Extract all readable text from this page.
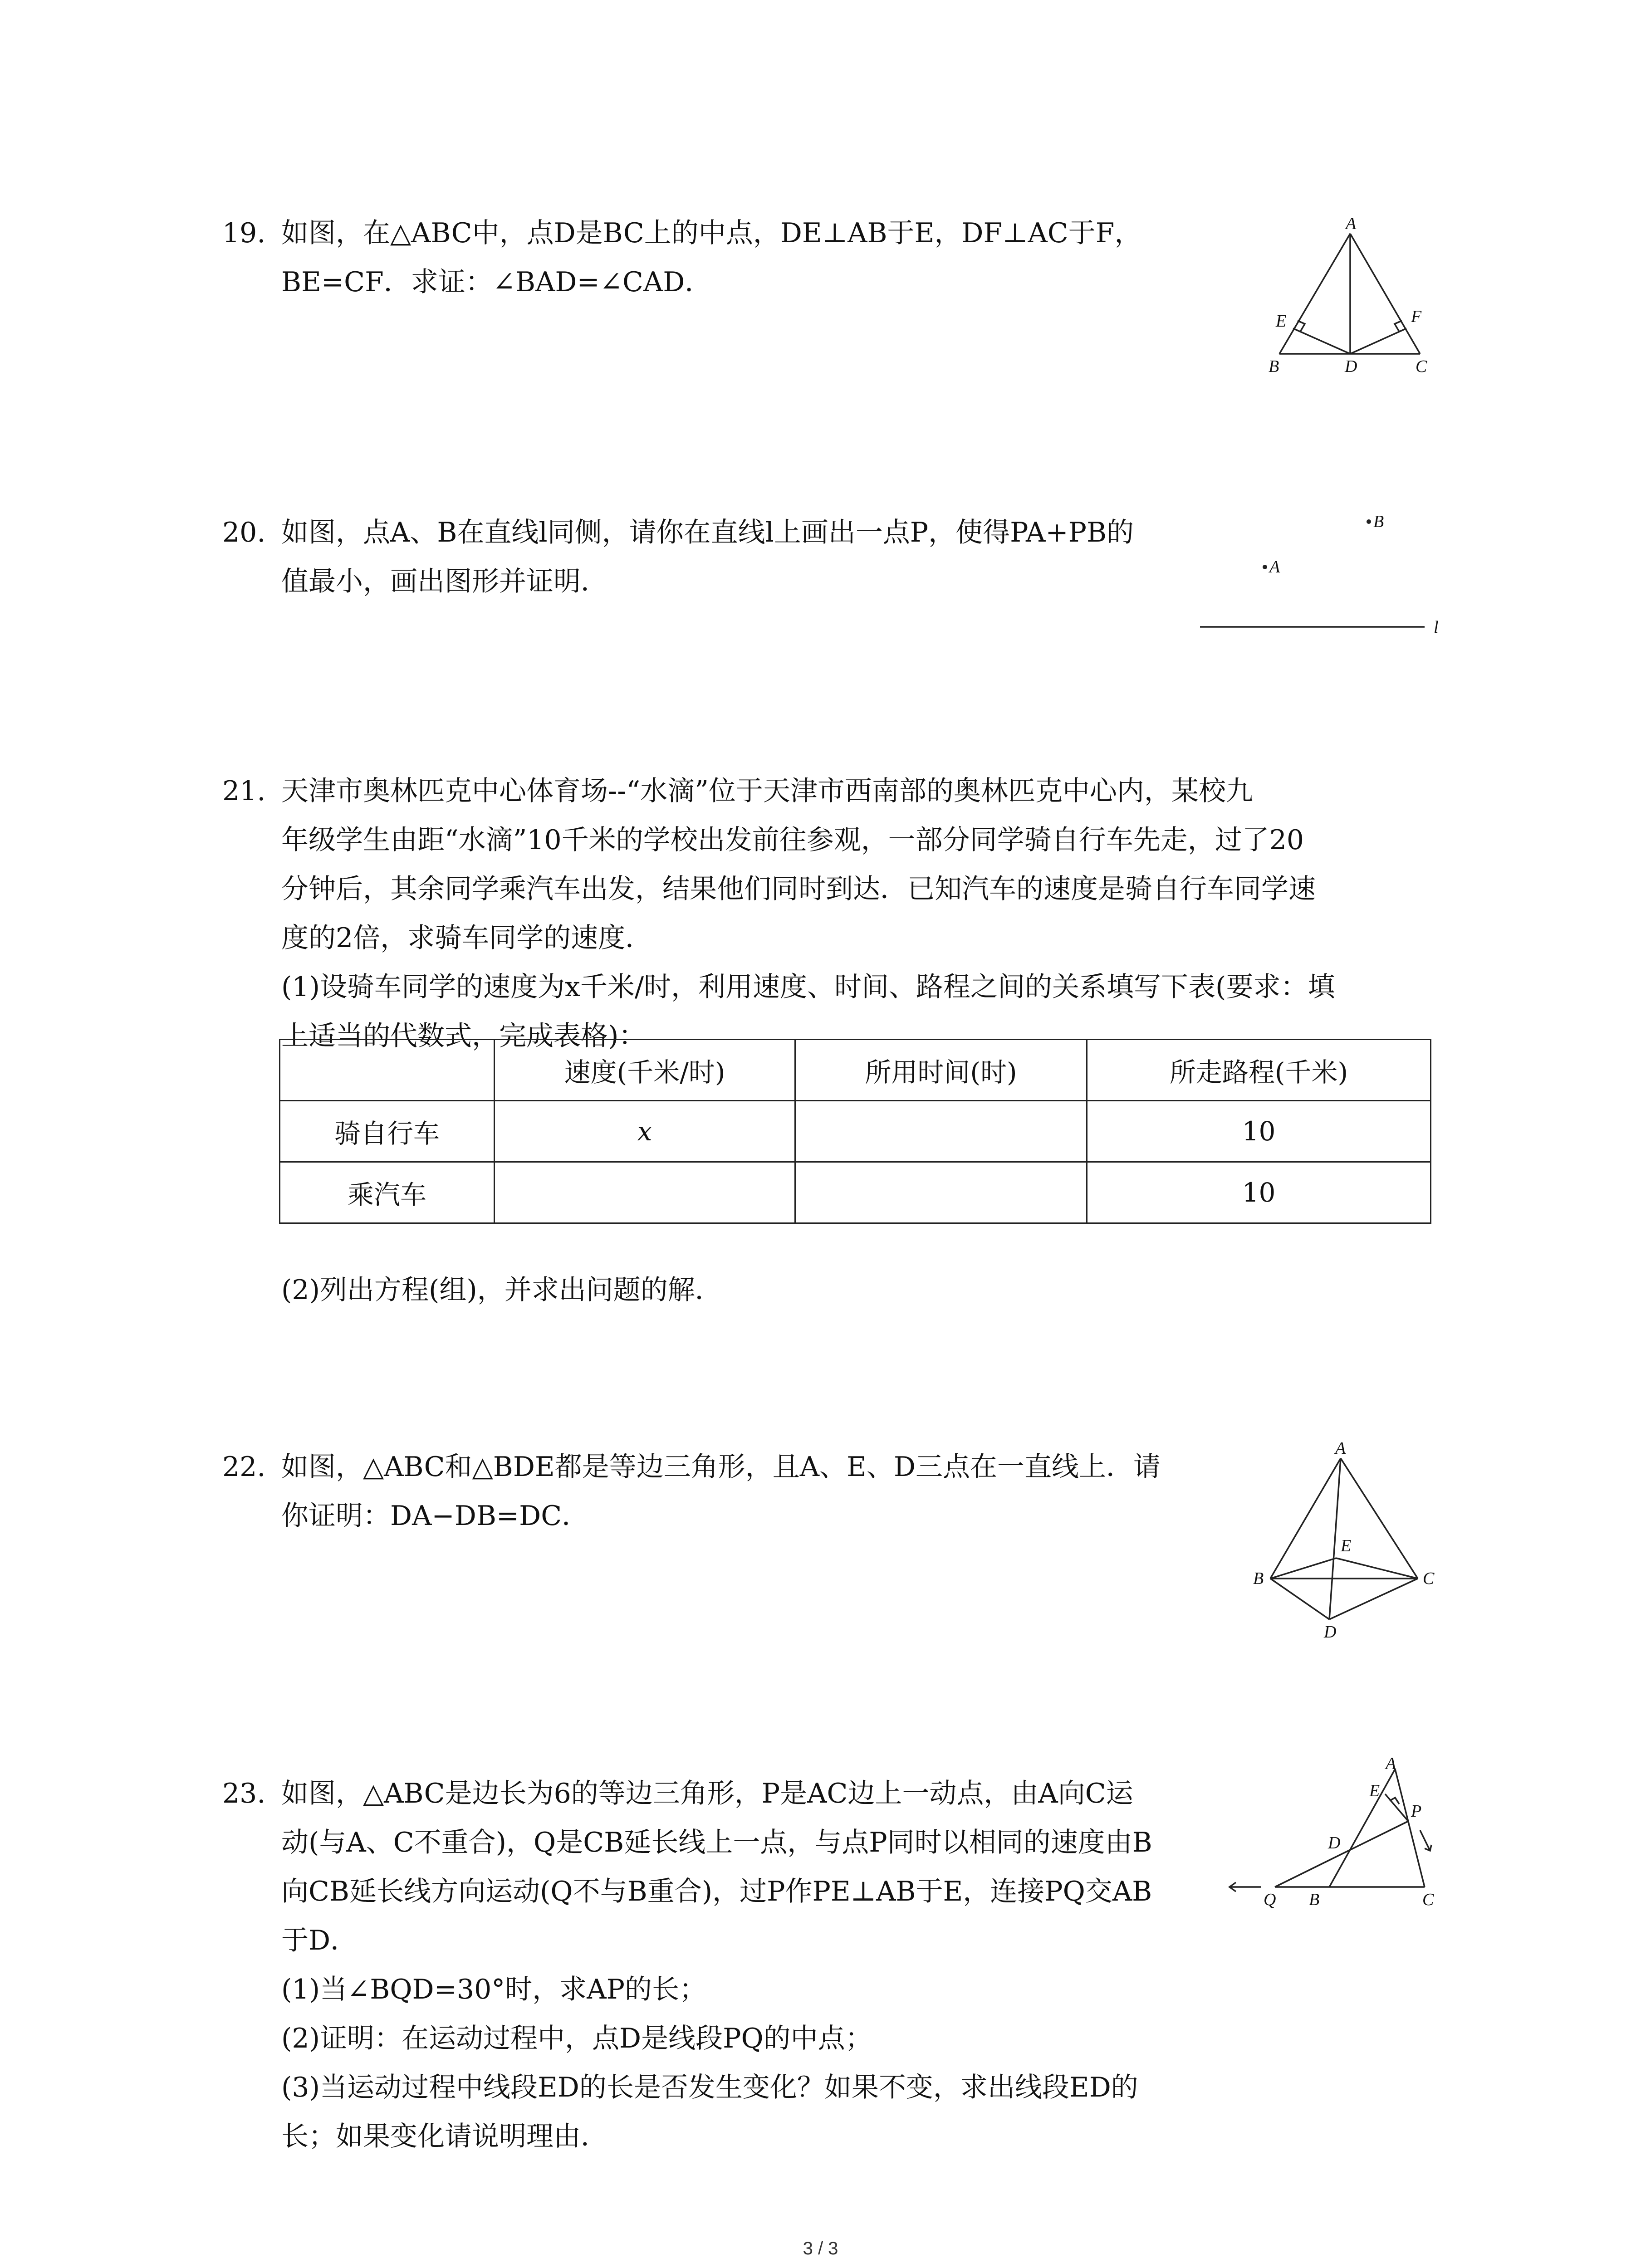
19. 如图，在△ABC中，点D是BC上的中点，DE⊥AB于E，DF⊥AC于F，
BE=CF．求证：∠BAD=∠CAD．
A
E	F
B	D	C
20. 如图，点A、B在直线l同侧，请你在直线l上画出一点P，使得PA+PB的
值最小，画出图形并证明．
B
A
l
21. 天津市奥林匹克中心体育场--“水滴”位于天津市西南部的奥林匹克中心内，某校九
年级学生由距“水滴”10千米的学校出发前往参观，一部分同学骑自行车先走，过了20
分钟后，其余同学乘汽车出发，结果他们同时到达．已知汽车的速度是骑自行车同学速
度的2倍，求骑车同学的速度．
(1)设骑车同学的速度为x千米/时，利用速度、时间、路程之间的关系填写下表(要求：填
上适当的代数式，完成表格)：
	速度(千米/时)	所用时间(时)	所走路程(千米)
骑自行车	x		10
乘汽车			10
(2)列出方程(组)，并求出问题的解．
22. 如图，△ABC和△BDE都是等边三角形，且A、E、D三点在一直线上．请
你证明：DA−DB=DC．
A
E
B	C
D
23. 如图，△ABC是边长为6的等边三角形，P是AC边上一动点，由A向C运
动(与A、C不重合)，Q是CB延长线上一点，与点P同时以相同的速度由B
向CB延长线方向运动(Q不与B重合)，过P作PE⊥AB于E，连接PQ交AB
于D．
(1)当∠BQD=30°时，求AP的长；
(2)证明：在运动过程中，点D是线段PQ的中点；
(3)当运动过程中线段ED的长是否发生变化？如果不变，求出线段ED的
长；如果变化请说明理由．
A
E
P
D
Q B	C
3 / 3
